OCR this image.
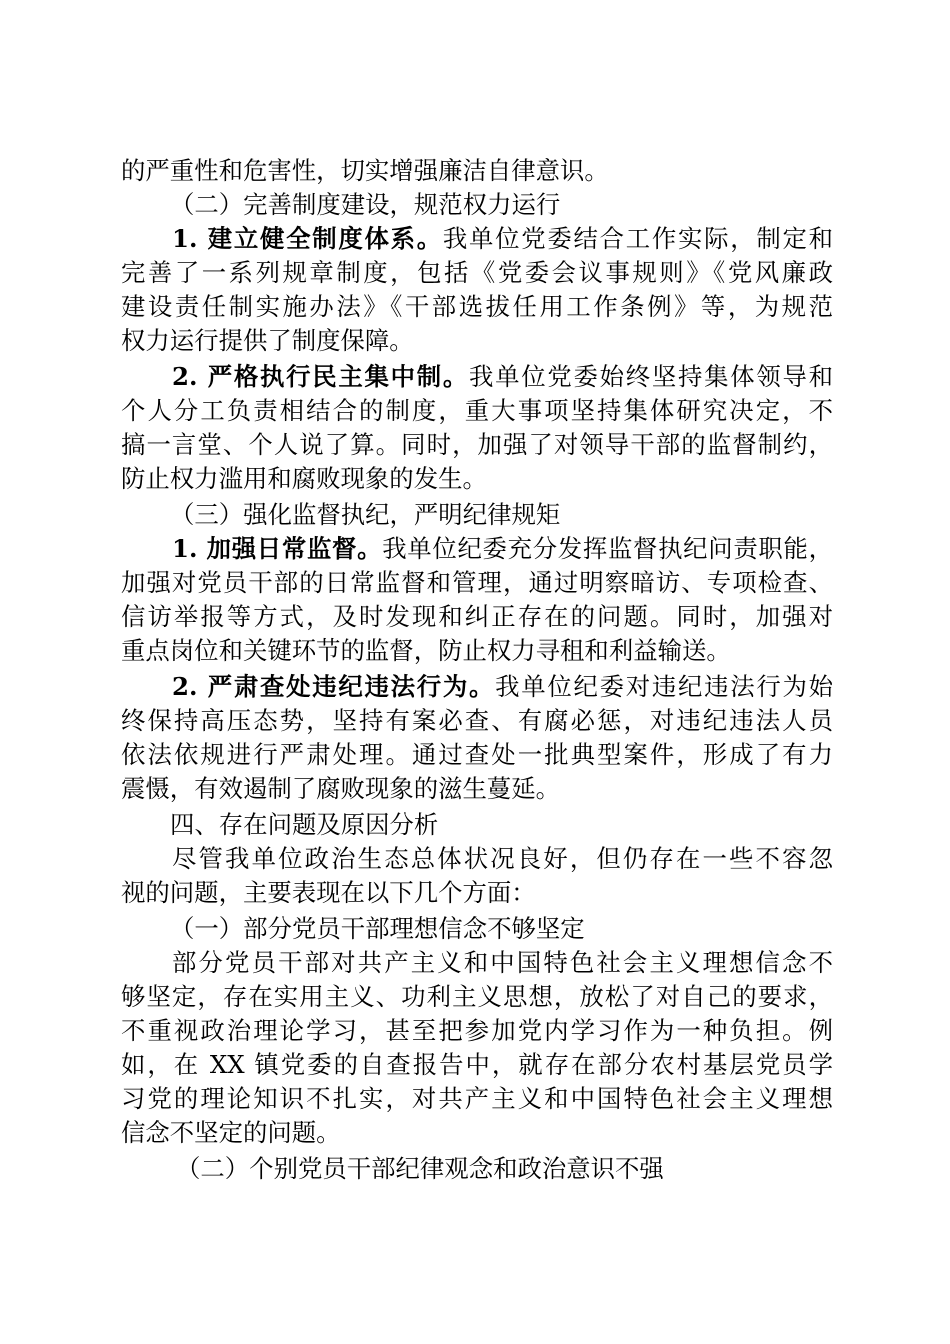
的严重性和危害性，切实增强廉洁自律意识。
（二）完善制度建设，规范权力运行
1. 建立健全制度体系。我单位党委结合工作实际，制定和
完善了一系列规章制度，包括《党委会议事规则》《党风廉政
建设责任制实施办法》《干部选拔任用工作条例》等，为规范
权力运行提供了制度保障。
2. 严格执行民主集中制。我单位党委始终坚持集体领导和
个人分工负责相结合的制度，重大事项坚持集体研究决定，不
搞一言堂、个人说了算。同时，加强了对领导干部的监督制约，
防止权力滥用和腐败现象的发生。
（三）强化监督执纪，严明纪律规矩
1. 加强日常监督。我单位纪委充分发挥监督执纪问责职能，
加强对党员干部的日常监督和管理，通过明察暗访、专项检查、
信访举报等方式，及时发现和纠正存在的问题。同时，加强对
重点岗位和关键环节的监督，防止权力寻租和利益输送。
2. 严肃查处违纪违法行为。我单位纪委对违纪违法行为始
终保持高压态势，坚持有案必查、有腐必惩，对违纪违法人员
依法依规进行严肃处理。通过查处一批典型案件，形成了有力
震慑，有效遏制了腐败现象的滋生蔓延。
四、存在问题及原因分析
尽管我单位政治生态总体状况良好，但仍存在一些不容忽
视的问题，主要表现在以下几个方面：
（一）部分党员干部理想信念不够坚定
部分党员干部对共产主义和中国特色社会主义理想信念不
够坚定，存在实用主义、功利主义思想，放松了对自己的要求，
不重视政治理论学习，甚至把参加党内学习作为一种负担。例
如，在 XX 镇党委的自查报告中，就存在部分农村基层党员学
习党的理论知识不扎实，对共产主义和中国特色社会主义理想
信念不坚定的问题。
（二）个别党员干部纪律观念和政治意识不强
